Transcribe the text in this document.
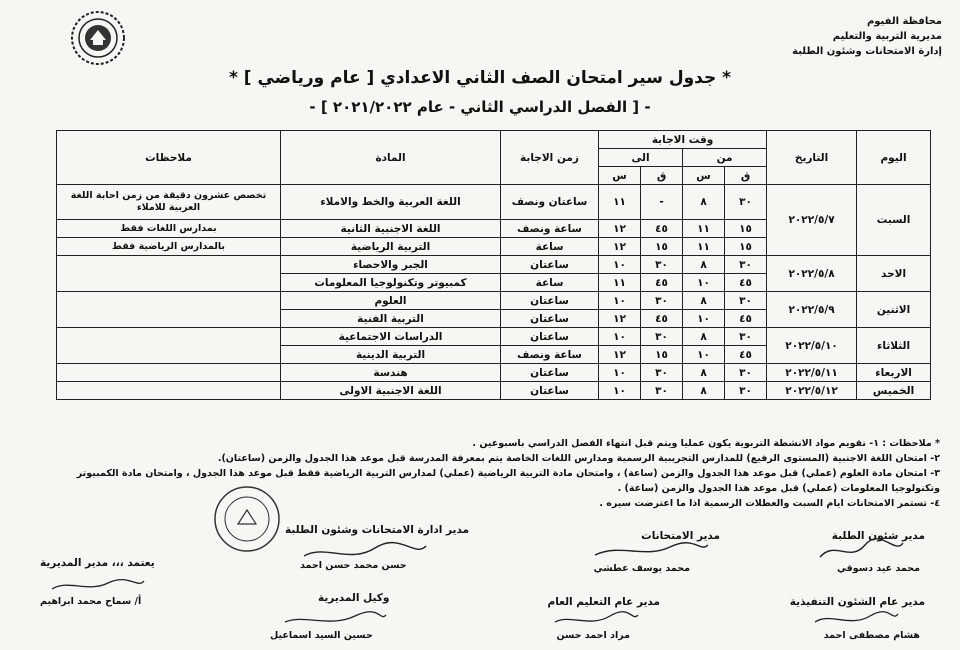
محافظة الفيوم
مديرية التربية والتعليم
إدارة الامتحانات وشئون الطلبة
* جدول سير امتحان الصف الثاني الاعدادي [ عام ورياضي ] *
- [ الفصل الدراسي الثاني - عام ٢٠٢١/٢٠٢٢ ] -
اليوم	التاريخ	وقت الاجابة				زمن الاجابة	المادة	ملاحظات
		من		الى				
		ق	س	ق	س			
السبت	٢٠٢٢/٥/٧	٣٠	٨	-	١١	ساعتان ونصف	اللغة العربية والخط والاملاء	تخصص عشرون دقيقة من زمن احابة اللغة العربية للاملاء
		١٥	١١	٤٥	١٢	ساعة ونصف	اللغة الاجنبية الثانية	بمدارس اللغات فقط
		١٥	١١	١٥	١٢	ساعة	التربية الرياضية	بالمدارس الرياضية فقط
الاحد	٢٠٢٢/٥/٨	٣٠	٨	٣٠	١٠	ساعتان	الجبر والاحصاء	
		٤٥	١٠	٤٥	١١	ساعة	كمبيوتر وتكنولوجيا المعلومات	
الاثنين	٢٠٢٢/٥/٩	٣٠	٨	٣٠	١٠	ساعتان	العلوم	
		٤٥	١٠	٤٥	١٢	ساعتان	التربية الفنية	
الثلاثاء	٢٠٢٢/٥/١٠	٣٠	٨	٣٠	١٠	ساعتان	الدراسات الاجتماعية	
		٤٥	١٠	١٥	١٢	ساعة ونصف	التربية الدينية	
الاربعاء	٢٠٢٢/٥/١١	٣٠	٨	٣٠	١٠	ساعتان	هندسة	
الخميس	٢٠٢٢/٥/١٢	٣٠	٨	٣٠	١٠	ساعتان	اللغة الاجنبية الاولى	
* ملاحظات : ١- تقويم مواد الانشطة التربوية يكون عمليا ويتم قبل انتهاء الفصل الدراسي باسبوعين .
٢- امتحان اللغة الاجنبية (المستوى الرفيع) للمدارس التجريبية الرسمية ومدارس اللغات الخاصة يتم بمعرفة المدرسة قبل موعد هذا الجدول والزمن (ساعتان).
٣- امتحان مادة العلوم (عملي) قبل موعد هذا الجدول والزمن (ساعة) ، وامتحان مادة التربية الرياضية (عملي) لمدارس التربية الرياضية فقط قبل موعد هذا الجدول ، وامتحان مادة الكمبيوتر
وتكنولوجيا المعلومات (عملي) قبل موعد هذا الجدول والزمن (ساعة) .
٤- تستمر الامتحانات ايام السبت والعطلات الرسمية اذا ما اعترضت سيره .
مدير شئون الطلبة
محمد عيد دسوقي
مدير الامتحانات
محمد يوسف عطشي
مدير ادارة الامتحانات وشئون الطلبة
حسن محمد حسن احمد
يعتمد ،،، مدير المديرية
أ/ سماح محمد ابراهيم	مدير عام الشئون التنفيذية
هشام مصطفى احمد
مدير عام التعليم العام
مراد احمد حسن
وكيل المديرية
حسين السيد اسماعيل
